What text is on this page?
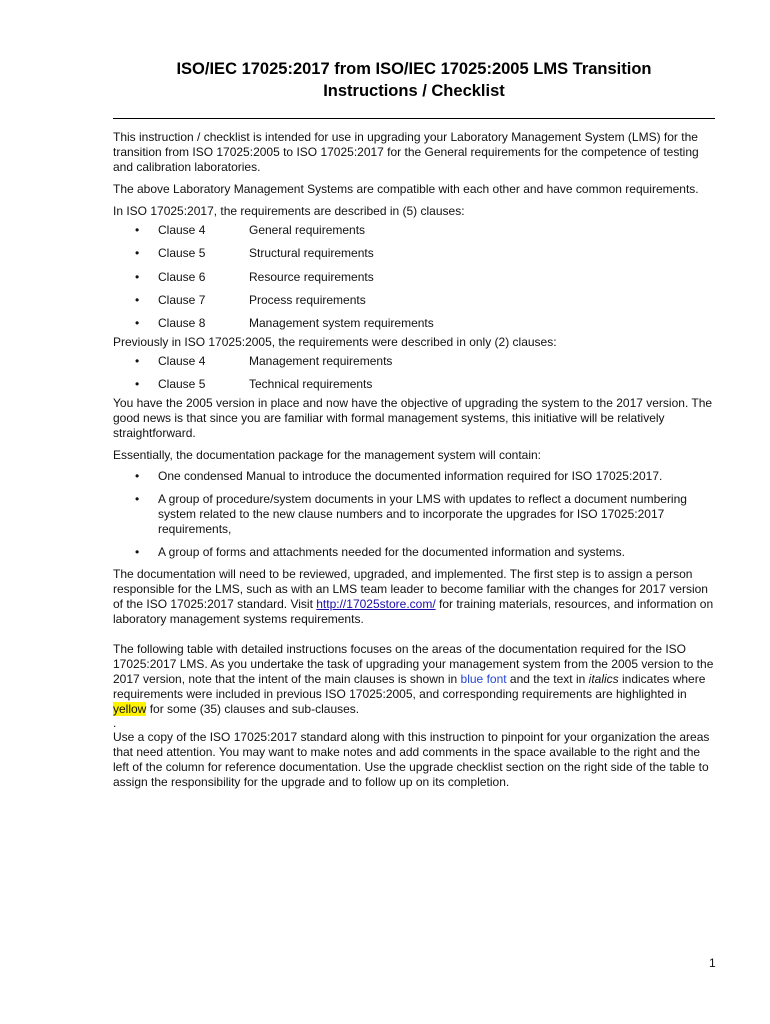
ISO/IEC 17025:2017 from ISO/IEC 17025:2005 LMS Transition
Instructions / Checklist

This instruction / checklist is intended for use in upgrading your Laboratory Management System (LMS) for the transition from ISO 17025:2005 to ISO 17025:2017 for the General requirements for the competence of testing and calibration laboratories.

The above Laboratory Management Systems are compatible with each other and have common requirements.

In ISO 17025:2017, the requirements are described in (5) clauses:

• Clause 4	General requirements
• Clause 5	Structural requirements
• Clause 6	Resource requirements
• Clause 7	Process requirements
• Clause 8	Management system requirements

Previously in ISO 17025:2005, the requirements were described in only (2) clauses:

• Clause 4	Management requirements
• Clause 5	Technical requirements

You have the 2005 version in place and now have the objective of upgrading the system to the 2017 version. The good news is that since you are familiar with formal management systems, this initiative will be relatively straightforward.

Essentially, the documentation package for the management system will contain:

• One condensed Manual to introduce the documented information required for ISO 17025:2017.
• A group of procedure/system documents in your LMS with updates to reflect a document numbering system related to the new clause numbers and to incorporate the upgrades for ISO 17025:2017 requirements,
• A group of forms and attachments needed for the documented information and systems.

The documentation will need to be reviewed, upgraded, and implemented. The first step is to assign a person responsible for the LMS, such as with an LMS team leader to become familiar with the changes for 2017 version of the ISO 17025:2017 standard. Visit http://17025store.com/ for training materials, resources, and information on laboratory management systems requirements.

The following table with detailed instructions focuses on the areas of the documentation required for the ISO 17025:2017 LMS. As you undertake the task of upgrading your management system from the 2005 version to the 2017 version, note that the intent of the main clauses is shown in blue font and the text in italics indicates where requirements were included in previous ISO 17025:2005, and corresponding requirements are highlighted in yellow for some (35) clauses and sub-clauses.

.

Use a copy of the ISO 17025:2017 standard along with this instruction to pinpoint for your organization the areas that need attention. You may want to make notes and add comments in the space available to the right and the left of the column for reference documentation. Use the upgrade checklist section on the right side of the table to assign the responsibility for the upgrade and to follow up on its completion.

1
